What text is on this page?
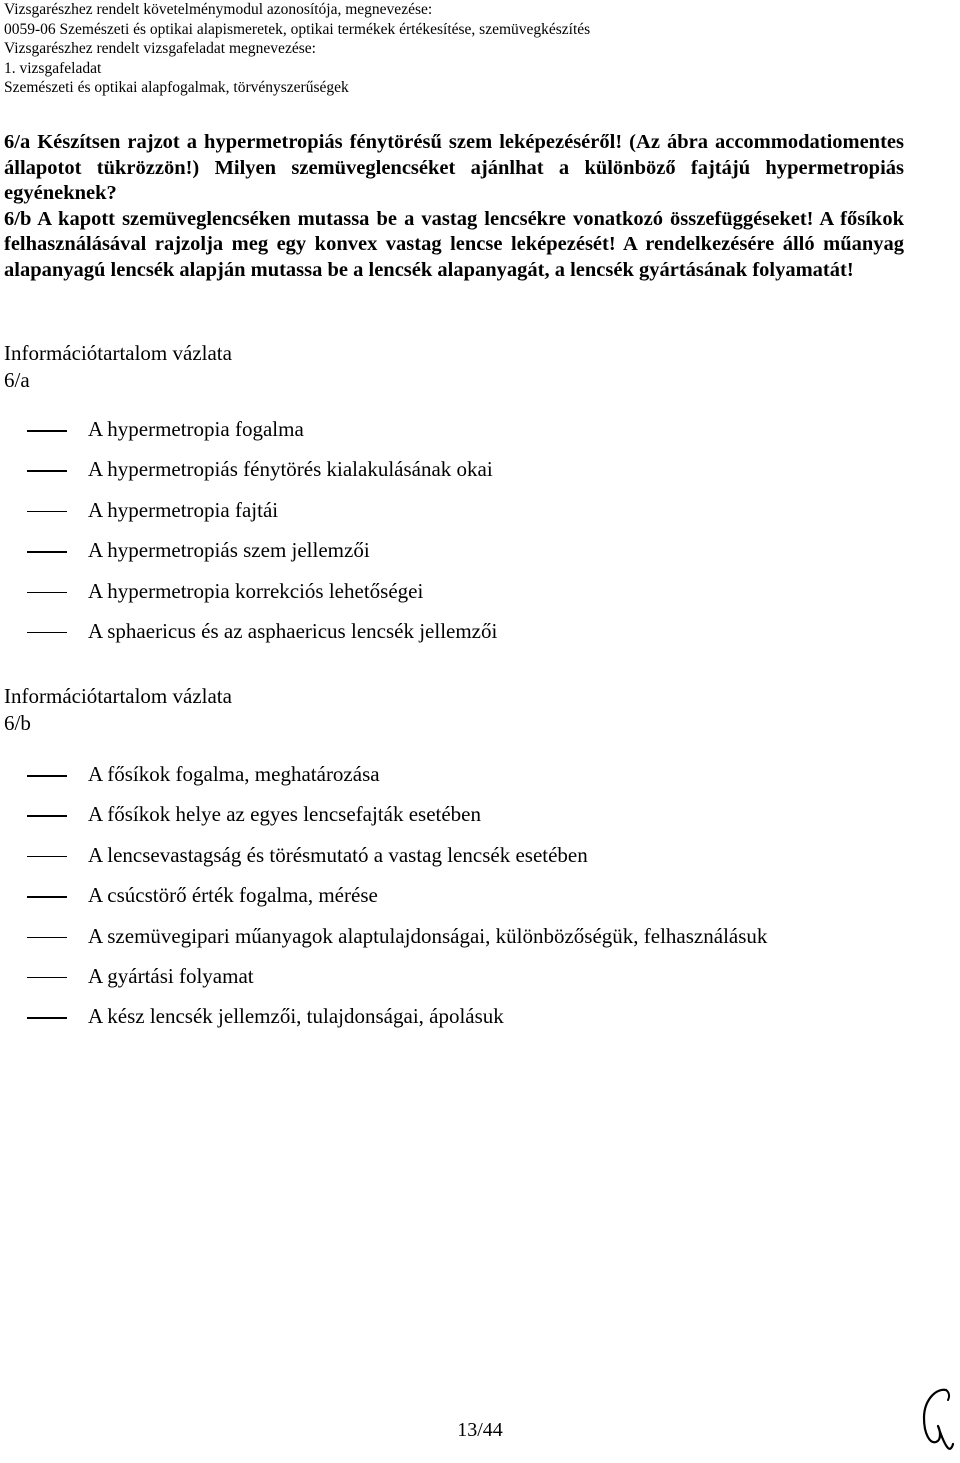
Vizsgarészhez rendelt követelménymodul azonosítója, megnevezése:
0059-06 Szemészeti és optikai alapismeretek, optikai termékek értékesítése, szemüvegkészítés
Vizsgarészhez rendelt vizsgafeladat megnevezése:
1. vizsgafeladat
Szemészeti és optikai alapfogalmak, törvényszerűségek

6/a Készítsen rajzot a hypermetropiás fénytörésű szem leképezéséről! (Az ábra accommodatiomentes állapotot tükrözzön!) Milyen szemüveglencséket ajánlhat a különböző fajtájú hypermetropiás egyéneknek?

6/b A kapott szemüveglencséken mutassa be a vastag lencsékre vonatkozó összefüggéseket! A fősíkok felhasználásával rajzolja meg egy konvex vastag lencse leképezését! A rendelkezésére álló műanyag alapanyagú lencsék alapján mutassa be a lencsék alapanyagát, a lencsék gyártásának folyamatát!

Információtartalom vázlata
6/a
A hypermetropia fogalma
A hypermetropiás fénytörés kialakulásának okai
A hypermetropia fajtái
A hypermetropiás szem jellemzői
A hypermetropia korrekciós lehetőségei
A sphaericus és az asphaericus lencsék jellemzői
Információtartalom vázlata
6/b
A fősíkok fogalma, meghatározása
A fősíkok helye az egyes lencsefajták esetében
A lencsevastagság és törésmutató a vastag lencsék esetében
A csúcstörő érték fogalma, mérése
A szemüvegipari műanyagok alaptulajdonságai, különbözőségük, felhasználásuk
A gyártási folyamat
A kész lencsék jellemzői, tulajdonságai, ápolásuk
13/44
